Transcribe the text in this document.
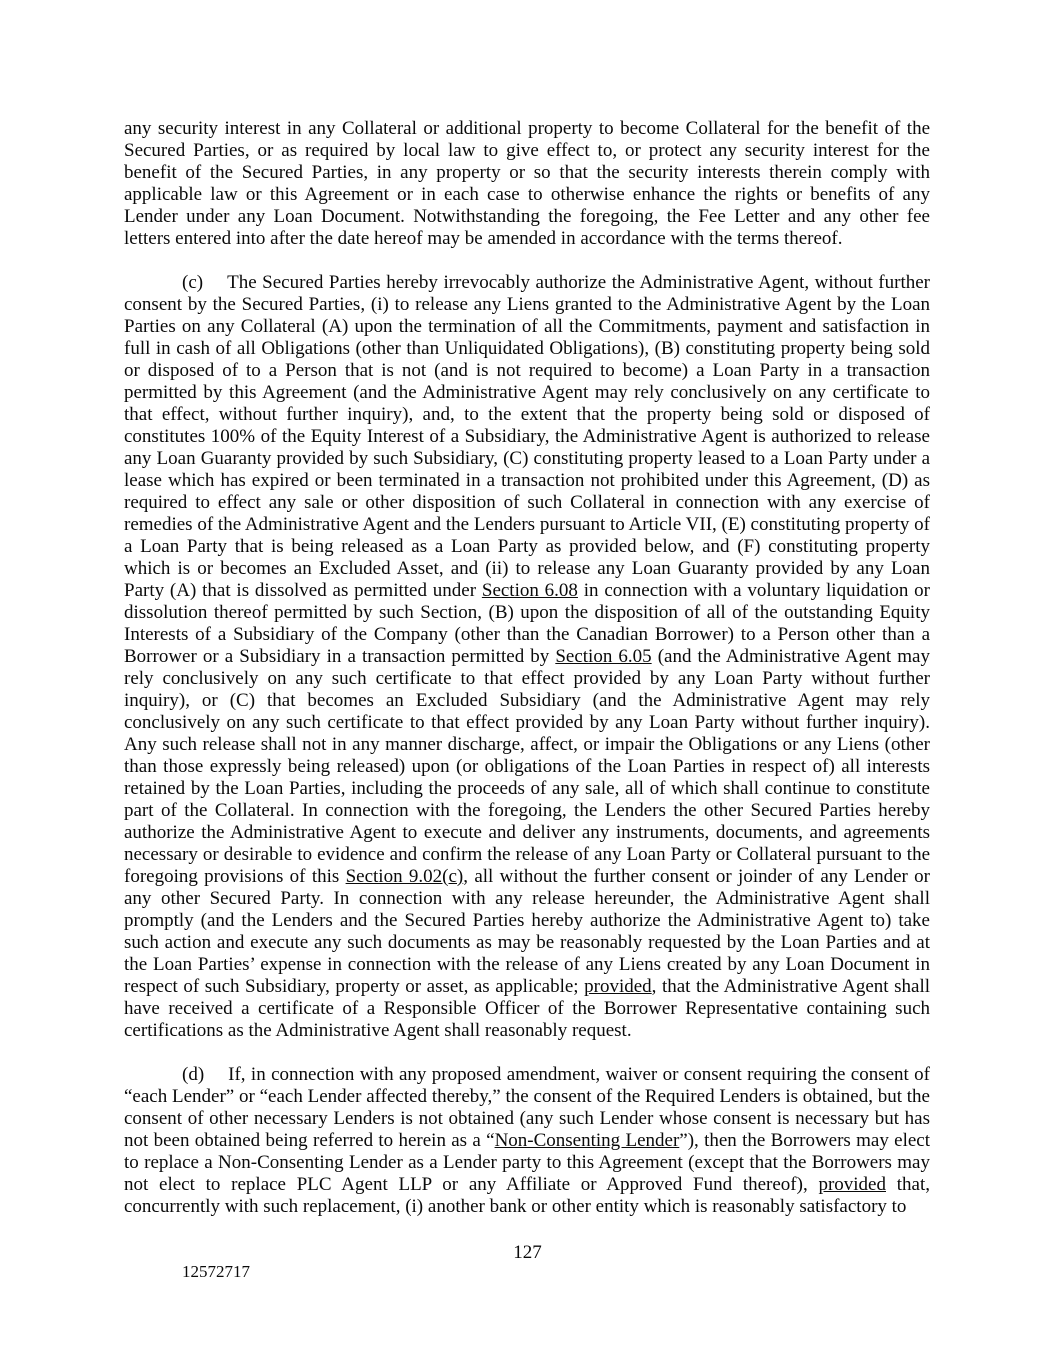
any security interest in any Collateral or additional property to become Collateral for the benefit of the Secured Parties, or as required by local law to give effect to, or protect any security interest for the benefit of the Secured Parties, in any property or so that the security interests therein comply with applicable law or this Agreement or in each case to otherwise enhance the rights or benefits of any Lender under any Loan Document. Notwithstanding the foregoing, the Fee Letter and any other fee letters entered into after the date hereof may be amended in accordance with the terms thereof.

(c) The Secured Parties hereby irrevocably authorize the Administrative Agent, without further consent by the Secured Parties, (i) to release any Liens granted to the Administrative Agent by the Loan Parties on any Collateral (A) upon the termination of all the Commitments, payment and satisfaction in full in cash of all Obligations (other than Unliquidated Obligations), (B) constituting property being sold or disposed of to a Person that is not (and is not required to become) a Loan Party in a transaction permitted by this Agreement (and the Administrative Agent may rely conclusively on any certificate to that effect, without further inquiry), and, to the extent that the property being sold or disposed of constitutes 100% of the Equity Interest of a Subsidiary, the Administrative Agent is authorized to release any Loan Guaranty provided by such Subsidiary, (C) constituting property leased to a Loan Party under a lease which has expired or been terminated in a transaction not prohibited under this Agreement, (D) as required to effect any sale or other disposition of such Collateral in connection with any exercise of remedies of the Administrative Agent and the Lenders pursuant to Article VII, (E) constituting property of a Loan Party that is being released as a Loan Party as provided below, and (F) constituting property which is or becomes an Excluded Asset, and (ii) to release any Loan Guaranty provided by any Loan Party (A) that is dissolved as permitted under Section 6.08 in connection with a voluntary liquidation or dissolution thereof permitted by such Section, (B) upon the disposition of all of the outstanding Equity Interests of a Subsidiary of the Company (other than the Canadian Borrower) to a Person other than a Borrower or a Subsidiary in a transaction permitted by Section 6.05 (and the Administrative Agent may rely conclusively on any such certificate to that effect provided by any Loan Party without further inquiry), or (C) that becomes an Excluded Subsidiary (and the Administrative Agent may rely conclusively on any such certificate to that effect provided by any Loan Party without further inquiry). Any such release shall not in any manner discharge, affect, or impair the Obligations or any Liens (other than those expressly being released) upon (or obligations of the Loan Parties in respect of) all interests retained by the Loan Parties, including the proceeds of any sale, all of which shall continue to constitute part of the Collateral. In connection with the foregoing, the Lenders the other Secured Parties hereby authorize the Administrative Agent to execute and deliver any instruments, documents, and agreements necessary or desirable to evidence and confirm the release of any Loan Party or Collateral pursuant to the foregoing provisions of this Section 9.02(c), all without the further consent or joinder of any Lender or any other Secured Party. In connection with any release hereunder, the Administrative Agent shall promptly (and the Lenders and the Secured Parties hereby authorize the Administrative Agent to) take such action and execute any such documents as may be reasonably requested by the Loan Parties and at the Loan Parties’ expense in connection with the release of any Liens created by any Loan Document in respect of such Subsidiary, property or asset, as applicable; provided, that the Administrative Agent shall have received a certificate of a Responsible Officer of the Borrower Representative containing such certifications as the Administrative Agent shall reasonably request.

(d) If, in connection with any proposed amendment, waiver or consent requiring the consent of “each Lender” or “each Lender affected thereby,” the consent of the Required Lenders is obtained, but the consent of other necessary Lenders is not obtained (any such Lender whose consent is necessary but has not been obtained being referred to herein as a “Non-Consenting Lender”), then the Borrowers may elect to replace a Non-Consenting Lender as a Lender party to this Agreement (except that the Borrowers may not elect to replace PLC Agent LLP or any Affiliate or Approved Fund thereof), provided that, concurrently with such replacement, (i) another bank or other entity which is reasonably satisfactory to

127
12572717
